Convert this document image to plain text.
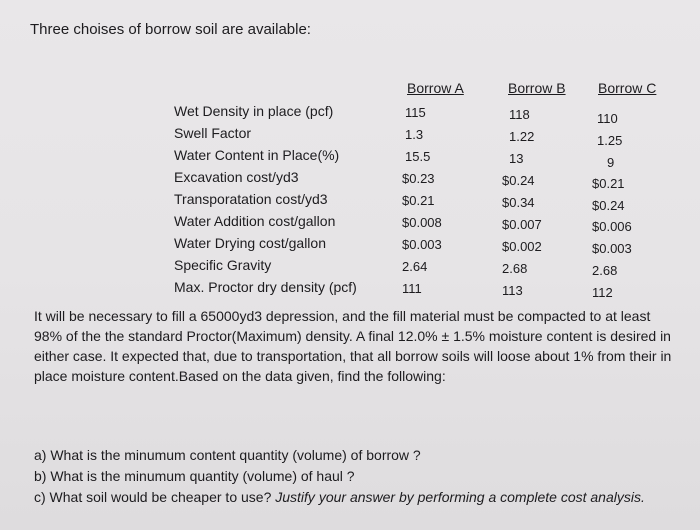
Three choises of borrow soil are available:
Borrow A	Borrow B Borrow C
Wet Density in place (pcf)
Swell Factor
Water Content in Place(%)
Excavation cost/yd3
Transporatation cost/yd3
Water Addition cost/gallon
Water Drying cost/gallon
Specific Gravity
Max. Proctor dry density (pcf)
115
1.3
15.5
$0.23
$0.21
$0.008
$0.003
2.64
111
118
1.22
13
$0.24
$0.34
$0.007
$0.002
2.68
113
110
1.25
9
$0.21
$0.24
$0.006
$0.003
2.68
112
It will be necessary to fill a 65000yd3 depression, and the fill material must be compacted to at least 98% of the the standard Proctor(Maximum) density. A final 12.0% ± 1.5% moisture content is desired in either case. It expected that, due to transportation, that all borrow soils will loose about 1% from their in place moisture content.Based on the data given, find the following:
a) What is the minumum content quantity (volume) of borrow ?
b) What is the minumum quantity (volume) of haul ?
c) What soil would be cheaper to use? Justify your answer by performing a complete cost analysis.
